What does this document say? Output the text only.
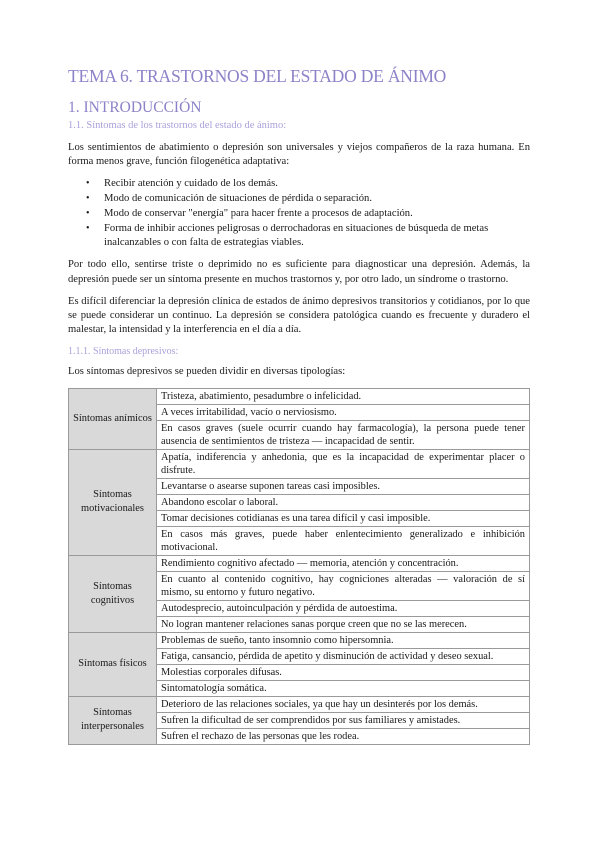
TEMA 6. TRASTORNOS DEL ESTADO DE ÁNIMO
1. INTRODUCCIÓN
1.1. Síntomas de los trastornos del estado de ánimo:

Los sentimientos de abatimiento o depresión son universales y viejos compañeros de la raza humana. En forma menos grave, función filogenética adaptativa:

• Recibir atención y cuidado de los demás.
• Modo de comunicación de situaciones de pérdida o separación.
• Modo de conservar "energía" para hacer frente a procesos de adaptación.
• Forma de inhibir acciones peligrosas o derrochadoras en situaciones de búsqueda de metas inalcanzables o con falta de estrategias viables.

Por todo ello, sentirse triste o deprimido no es suficiente para diagnosticar una depresión. Además, la depresión puede ser un síntoma presente en muchos trastornos y, por otro lado, un síndrome o trastorno.

Es difícil diferenciar la depresión clínica de estados de ánimo depresivos transitorios y cotidianos, por lo que se puede considerar un continuo. La depresión se considera patológica cuando es frecuente y duradero el malestar, la intensidad y la interferencia en el día a día.

1.1.1. Síntomas depresivos:

Los síntomas depresivos se pueden dividir en diversas tipologías:

Síntomas anímicos	Tristeza, abatimiento, pesadumbre o infelicidad.
	A veces irritabilidad, vacío o nerviosismo.
	En casos graves (suele ocurrir cuando hay farmacología), la persona puede tener ausencia de sentimientos de tristeza — incapacidad de sentir.
Síntomas motivacionales	Apatía, indiferencia y anhedonia, que es la incapacidad de experimentar placer o disfrute.
	Levantarse o asearse suponen tareas casi imposibles.
	Abandono escolar o laboral.
	Tomar decisiones cotidianas es una tarea difícil y casi imposible.
	En casos más graves, puede haber enlentecimiento generalizado e inhibición motivacional.
Síntomas cognitivos	Rendimiento cognitivo afectado — memoria, atención y concentración.
	En cuanto al contenido cognitivo, hay cogniciones alteradas — valoración de sí mismo, su entorno y futuro negativo.
	Autodesprecio, autoinculpación y pérdida de autoestima.
	No logran mantener relaciones sanas porque creen que no se las merecen.
Síntomas físicos	Problemas de sueño, tanto insomnio como hipersomnia.
	Fatiga, cansancio, pérdida de apetito y disminución de actividad y deseo sexual.
	Molestias corporales difusas.
	Sintomatología somática.
Síntomas interpersonales	Deterioro de las relaciones sociales, ya que hay un desinterés por los demás.
	Sufren la dificultad de ser comprendidos por sus familiares y amistades.
	Sufren el rechazo de las personas que les rodea.
